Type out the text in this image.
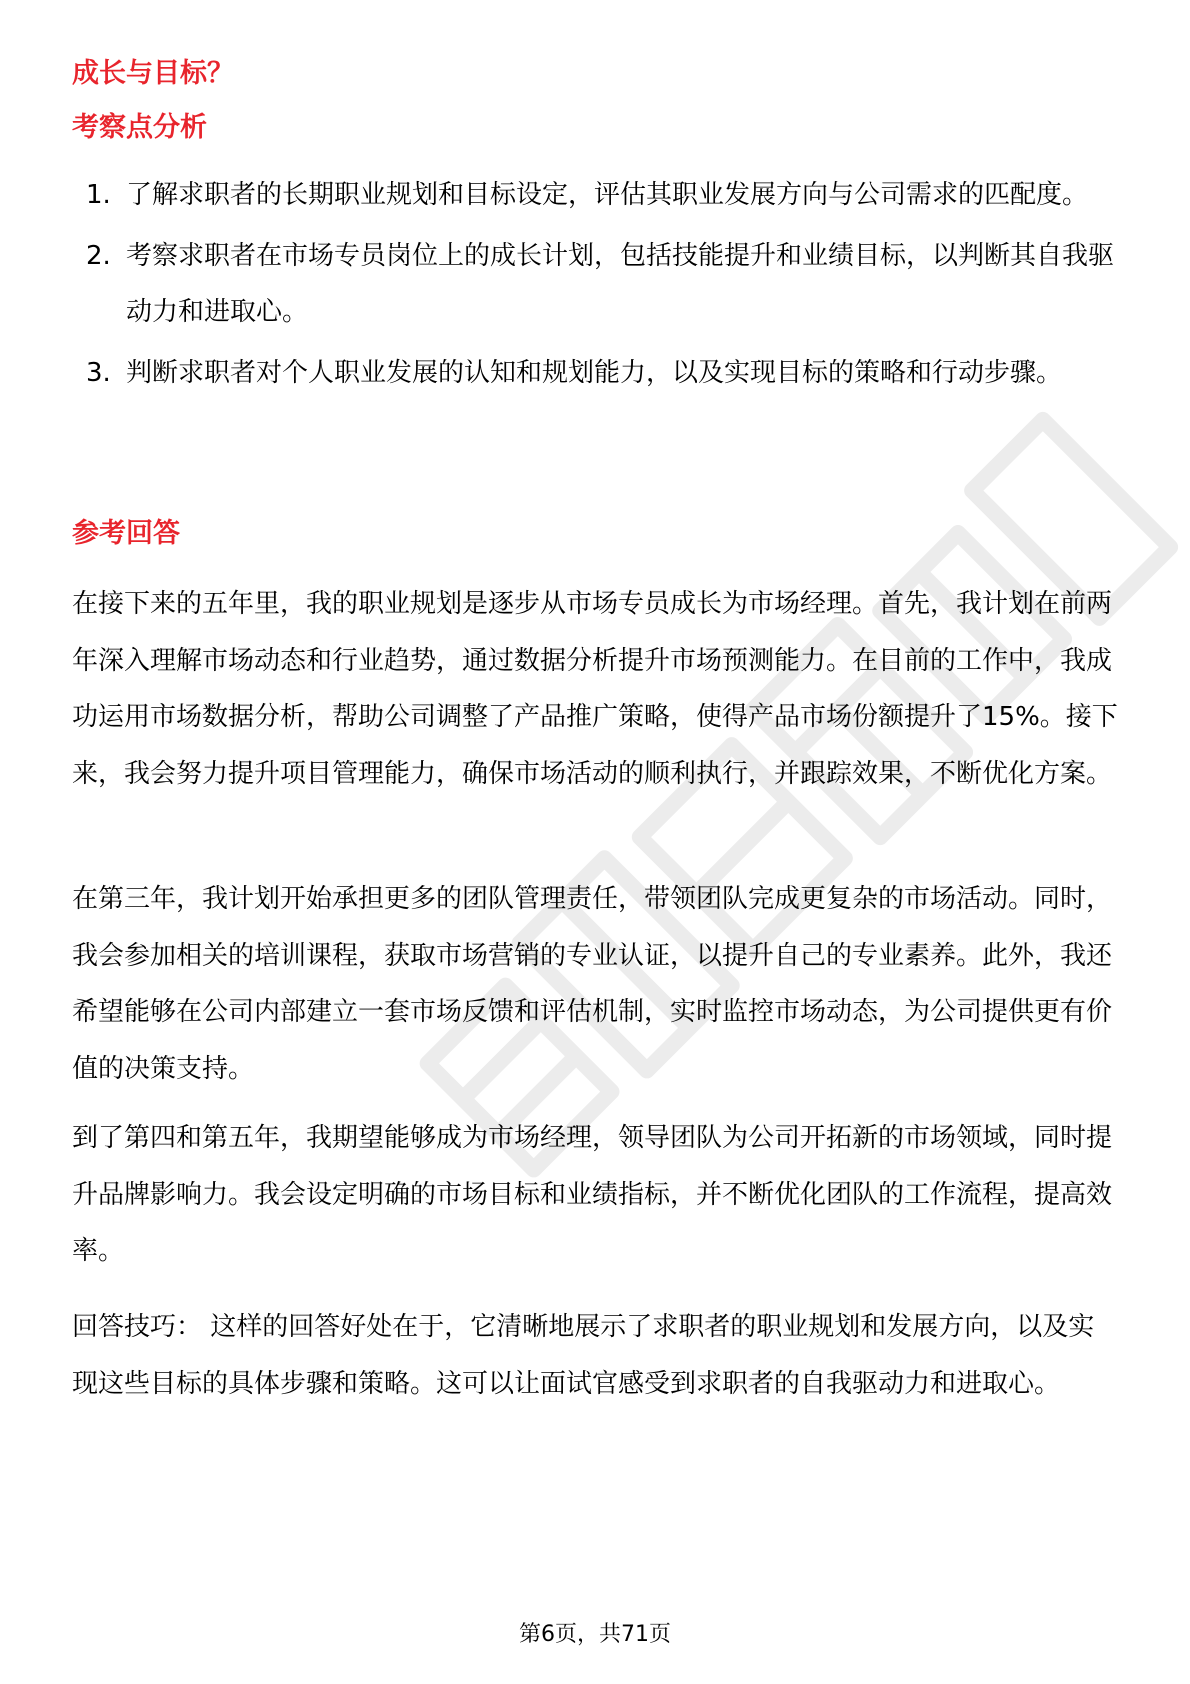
成长与目标？
考察点分析
1. 了解求职者的长期职业规划和目标设定，评估其职业发展方向与公司需求的匹配度。
2. 考察求职者在市场专员岗位上的成长计划，包括技能提升和业绩目标，以判断其自我驱动力和进取心。
3. 判断求职者对个人职业发展的认知和规划能力，以及实现目标的策略和行动步骤。
参考回答

在接下来的五年里，我的职业规划是逐步从市场专员成长为市场经理。首先，我计划在前两年深入理解市场动态和行业趋势，通过数据分析提升市场预测能力。在目前的工作中，我成功运用市场数据分析，帮助公司调整了产品推广策略，使得产品市场份额提升了15%。接下来，我会努力提升项目管理能力，确保市场活动的顺利执行，并跟踪效果，不断优化方案。

在第三年，我计划开始承担更多的团队管理责任，带领团队完成更复杂的市场活动。同时，我会参加相关的培训课程，获取市场营销的专业认证，以提升自己的专业素养。此外，我还希望能够在公司内部建立一套市场反馈和评估机制，实时监控市场动态，为公司提供更有价值的决策支持。

到了第四和第五年，我期望能够成为市场经理，领导团队为公司开拓新的市场领域，同时提升品牌影响力。我会设定明确的市场目标和业绩指标，并不断优化团队的工作流程，提高效率。

回答技巧： 这样的回答好处在于，它清晰地展示了求职者的职业规划和发展方向，以及实现这些目标的具体步骤和策略。这可以让面试官感受到求职者的自我驱动力和进取心。

第6页，共71页
